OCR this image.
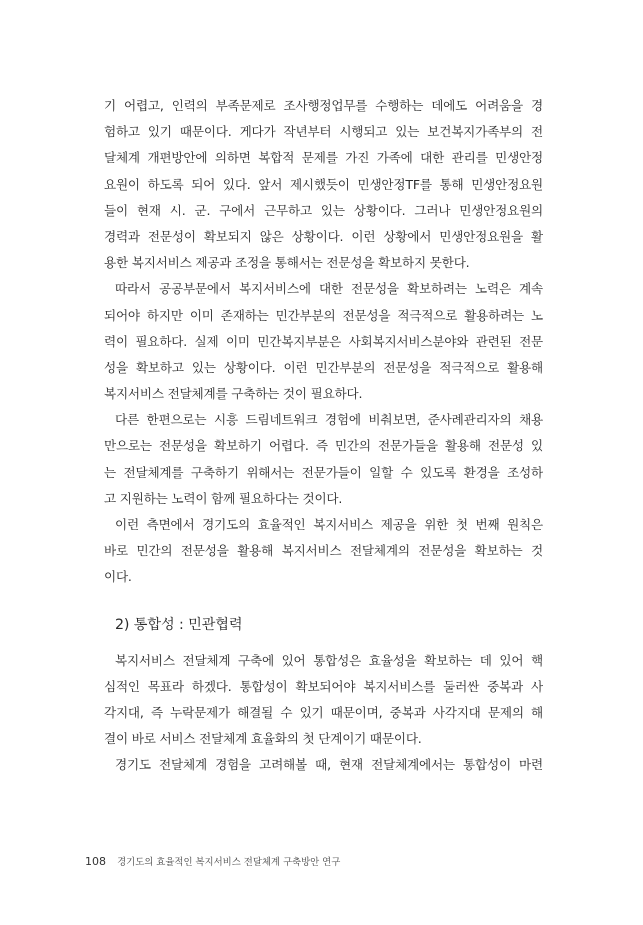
기 어렵고, 인력의 부족문제로 조사행정업무를 수행하는 데에도 어려움을 경
험하고 있기 때문이다. 게다가 작년부터 시행되고 있는 보건복지가족부의 전
달체계 개편방안에 의하면 복합적 문제를 가진 가족에 대한 관리를 민생안정
요원이 하도록 되어 있다. 앞서 제시했듯이 민생안정TF를 통해 민생안정요원
들이 현재 시. 군. 구에서 근무하고 있는 상황이다. 그러나 민생안정요원의
경력과 전문성이 확보되지 않은 상황이다. 이런 상황에서 민생안정요원을 활
용한 복지서비스 제공과 조정을 통해서는 전문성을 확보하지 못한다.
따라서 공공부문에서 복지서비스에 대한 전문성을 확보하려는 노력은 계속
되어야 하지만 이미 존재하는 민간부분의 전문성을 적극적으로 활용하려는 노
력이 필요하다. 실제 이미 민간복지부분은 사회복지서비스분야와 관련된 전문
성을 확보하고 있는 상황이다. 이런 민간부분의 전문성을 적극적으로 활용해
복지서비스 전달체계를 구축하는 것이 필요하다.
다른 한편으로는 시흥 드림네트워크 경험에 비춰보면, 준사례관리자의 채용
만으로는 전문성을 확보하기 어렵다. 즉 민간의 전문가들을 활용해 전문성 있
는 전달체계를 구축하기 위해서는 전문가들이 일할 수 있도록 환경을 조성하
고 지원하는 노력이 함께 필요하다는 것이다.
이런 측면에서 경기도의 효율적인 복지서비스 제공을 위한 첫 번째 원칙은
바로 민간의 전문성을 활용해 복지서비스 전달체계의 전문성을 확보하는 것
이다.
2) 통합성 : 민관협력
복지서비스 전달체계 구축에 있어 통합성은 효율성을 확보하는 데 있어 핵
심적인 목표라 하겠다. 통합성이 확보되어야 복지서비스를 둘러싼 중복과 사
각지대, 즉 누락문제가 해결될 수 있기 때문이며, 중복과 사각지대 문제의 해
결이 바로 서비스 전달체계 효율화의 첫 단계이기 때문이다.
경기도 전달체계 경험을 고려해볼 때, 현재 전달체계에서는 통합성이 마련
108 경기도의 효율적인 복지서비스 전달체계 구축방안 연구
